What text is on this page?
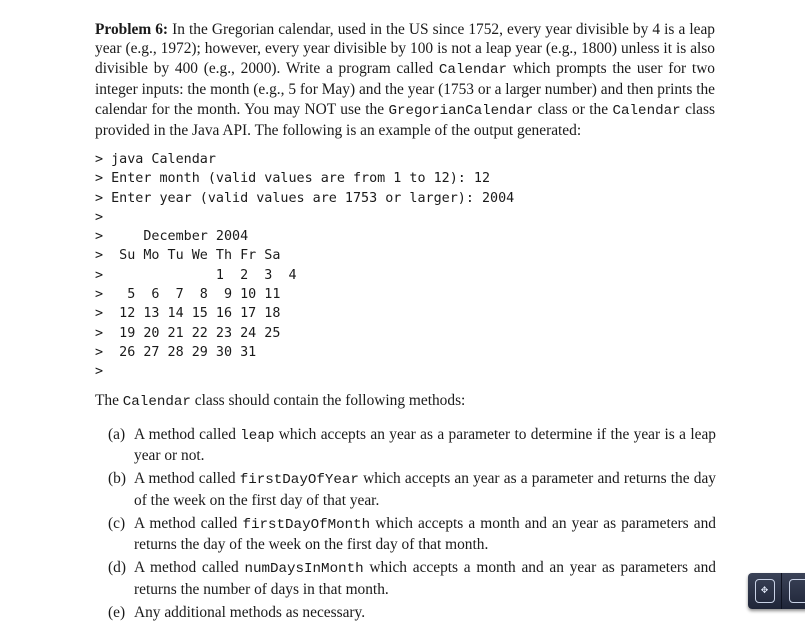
Problem 6: In the Gregorian calendar, used in the US since 1752, every year divisible by 4 is a leap year (e.g., 1972); however, every year divisible by 100 is not a leap year (e.g., 1800) unless it is also divisible by 400 (e.g., 2000). Write a program called Calendar which prompts the user for two integer inputs: the month (e.g., 5 for May) and the year (1753 or a larger number) and then prints the calendar for the month. You may NOT use the GregorianCalendar class or the Calendar class provided in the Java API. The following is an example of the output generated:

> java Calendar
> Enter month (valid values are from 1 to 12): 12
> Enter year (valid values are 1753 or larger): 2004
>
>     December 2004
>  Su Mo Tu We Th Fr Sa
>              1  2  3  4
>   5  6  7  8  9 10 11
>  12 13 14 15 16 17 18
>  19 20 21 22 23 24 25
>  26 27 28 29 30 31
>
The Calendar class should contain the following methods:
(a) A method called leap which accepts an year as a parameter to determine if the year is a leap year or not.
(b) A method called firstDayOfYear which accepts an year as a parameter and returns the day of the week on the first day of that year.
(c) A method called firstDayOfMonth which accepts a month and an year as parameters and returns the day of the week on the first day of that month.
(d) A method called numDaysInMonth which accepts a month and an year as parameters and returns the number of days in that month.
(e) Any additional methods as necessary.
✥
